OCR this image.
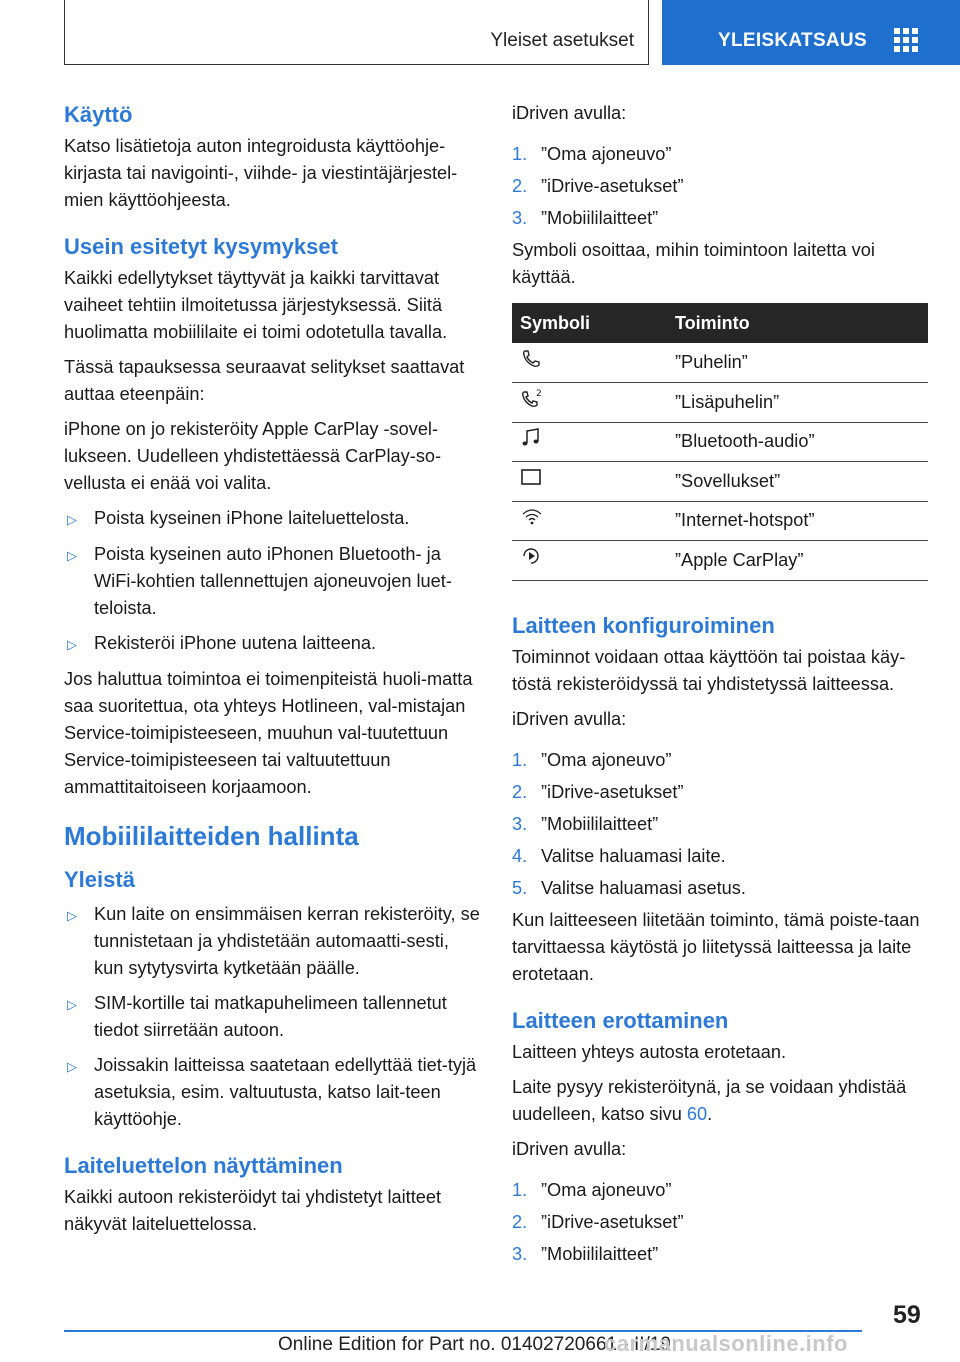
Yleiset asetukset	YLEISKATSAUS
Käyttö

Katso lisätietoja auton integroidusta käyttöohje-kirjasta tai navigointi-, viihde- ja viestintäjärjestel-mien käyttöohjeesta.

Usein esitetyt kysymykset

Kaikki edellytykset täyttyvät ja kaikki tarvittavat vaiheet tehtiin ilmoitetussa järjestyksessä. Siitä huolimatta mobiililaite ei toimi odotetulla tavalla.

Tässä tapauksessa seuraavat selitykset saattavat auttaa eteenpäin:

iPhone on jo rekisteröity Apple CarPlay -sovel-lukseen. Uudelleen yhdistettäessä CarPlay-so-vellusta ei enää voi valita.

▷ Poista kyseinen iPhone laiteluettelosta.
▷ Poista kyseinen auto iPhonen Bluetooth- ja WiFi-kohtien tallennettujen ajoneuvojen luet-teloista.
▷ Rekisteröi iPhone uutena laitteena.

Jos haluttua toimintoa ei toimenpiteistä huoli-matta saa suoritettua, ota yhteys Hotlineen, val-mistajan Service-toimipisteeseen, muuhun val-tuutettuun Service-toimipisteeseen tai valtuutettuun ammattitaitoiseen korjaamoon.

Mobiililaitteiden hallinta
Yleistä
▷ Kun laite on ensimmäisen kerran rekisteröity, se tunnistetaan ja yhdistetään automaatti-sesti, kun sytytysvirta kytketään päälle.
▷ SIM-kortille tai matkapuhelimeen tallennetut tiedot siirretään autoon.
▷ Joissakin laitteissa saatetaan edellyttää tiet-tyjä asetuksia, esim. valtuutusta, katso lait-teen käyttöohje.
Laiteluettelon näyttäminen

Kaikki autoon rekisteröidyt tai yhdistetyt laitteet näkyvät laiteluettelossa.

iDriven avulla:

1. ”Oma ajoneuvo”
2. ”iDrive-asetukset”
3. ”Mobiililaitteet”

Symboli osoittaa, mihin toimintoon laitetta voi käyttää.

Symboli	Toiminto
	”Puhelin”

2	”Lisäpuhelin”
	”Bluetooth-audio”
	”Sovellukset”
	”Internet-hotspot”
	”Apple CarPlay”
Laitteen konfiguroiminen

Toiminnot voidaan ottaa käyttöön tai poistaa käy-töstä rekisteröidyssä tai yhdistetyssä laitteessa.

iDriven avulla:

1. ”Oma ajoneuvo”
2. ”iDrive-asetukset”
3. ”Mobiililaitteet”
4. Valitse haluamasi laite.
5. Valitse haluamasi asetus.

Kun laitteeseen liitetään toiminto, tämä poiste-taan tarvittaessa käytöstä jo liitetyssä laitteessa ja laite erotetaan.

Laitteen erottaminen

Laitteen yhteys autosta erotetaan.

Laite pysyy rekisteröitynä, ja se voidaan yhdistää uudelleen, katso sivu 60.

iDriven avulla:

1. ”Oma ajoneuvo”
2. ”iDrive-asetukset”
3. ”Mobiililaitteet”
59
Online Edition for Part no. 01402720661 - II/19
carmanualsonline.info
